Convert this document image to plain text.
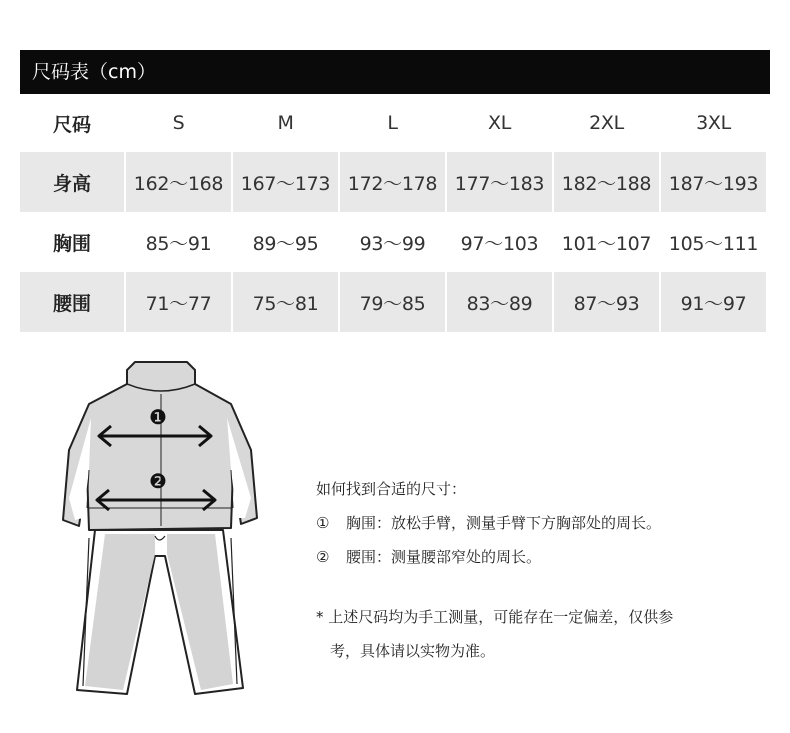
尺码表（cm）
尺码	S	M	L	XL	2XL	3XL
身高	162～168	167～173	172～178	177～183	182～188	187～193
胸围	85～91	89～95	93～99	97～103	101～107	105～111
腰围	71～77	75～81	79～85	83～89	87～93	91～97
❶
❷	如何找到合适的尺寸：
① 胸围：放松手臂，测量手臂下方胸部处的周长。
② 腰围：测量腰部窄处的周长。
* 上述尺码均为手工测量，可能存在一定偏差，仅供参
考，具体请以实物为准。
